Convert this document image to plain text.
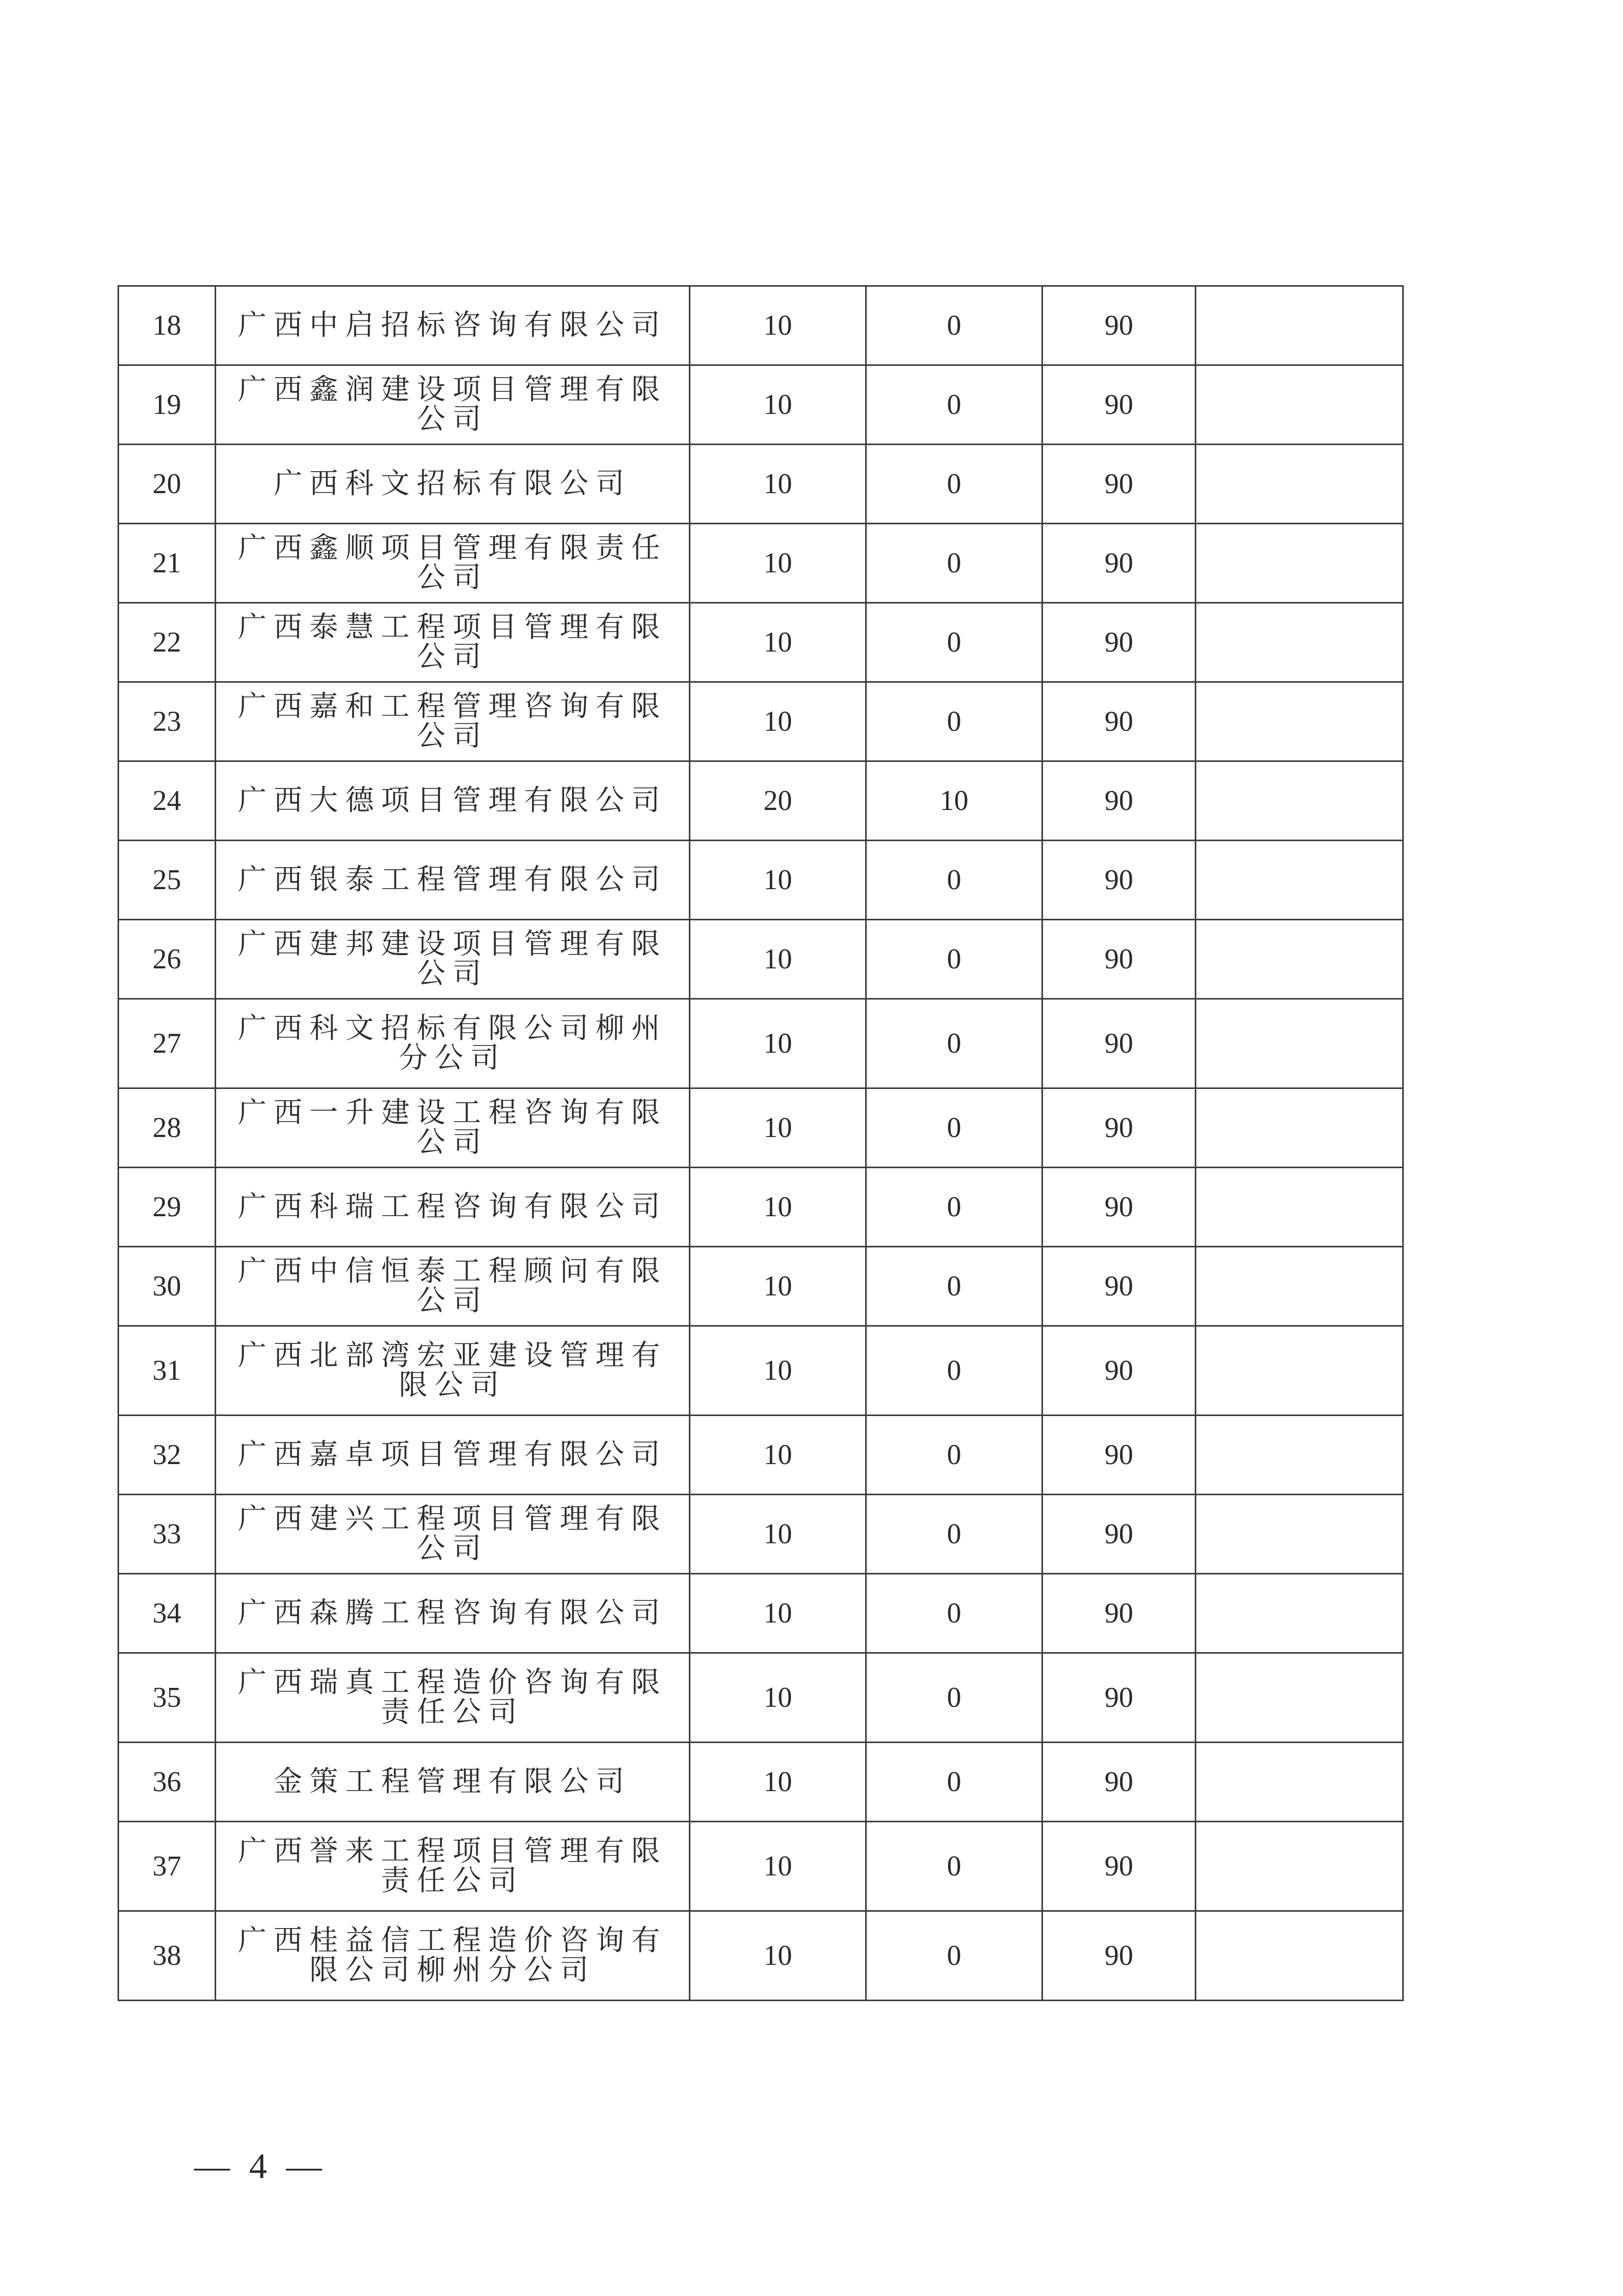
18	广西中启招标咨询有限公司	10	0	90	
19	广西鑫润建设项目管理有限公司	10	0	90	
20	广西科文招标有限公司	10	0	90	
21	广西鑫顺项目管理有限责任公司	10	0	90	
22	广西泰慧工程项目管理有限公司	10	0	90	
23	广西嘉和工程管理咨询有限公司	10	0	90	
24	广西大德项目管理有限公司	20	10	90	
25	广西银泰工程管理有限公司	10	0	90	
26	广西建邦建设项目管理有限公司	10	0	90	
27	广西科文招标有限公司柳州分公司	10	0	90	
28	广西一升建设工程咨询有限公司	10	0	90	
29	广西科瑞工程咨询有限公司	10	0	90	
30	广西中信恒泰工程顾问有限公司	10	0	90	
31	广西北部湾宏亚建设管理有限公司	10	0	90	
32	广西嘉卓项目管理有限公司	10	0	90	
33	广西建兴工程项目管理有限公司	10	0	90	
34	广西森腾工程咨询有限公司	10	0	90	
35	广西瑞真工程造价咨询有限责任公司	10	0	90	
36	金策工程管理有限公司	10	0	90	
37	广西誉来工程项目管理有限责任公司	10	0	90	
38	广西桂益信工程造价咨询有限公司柳州分公司	10	0	90	
— 4 —
